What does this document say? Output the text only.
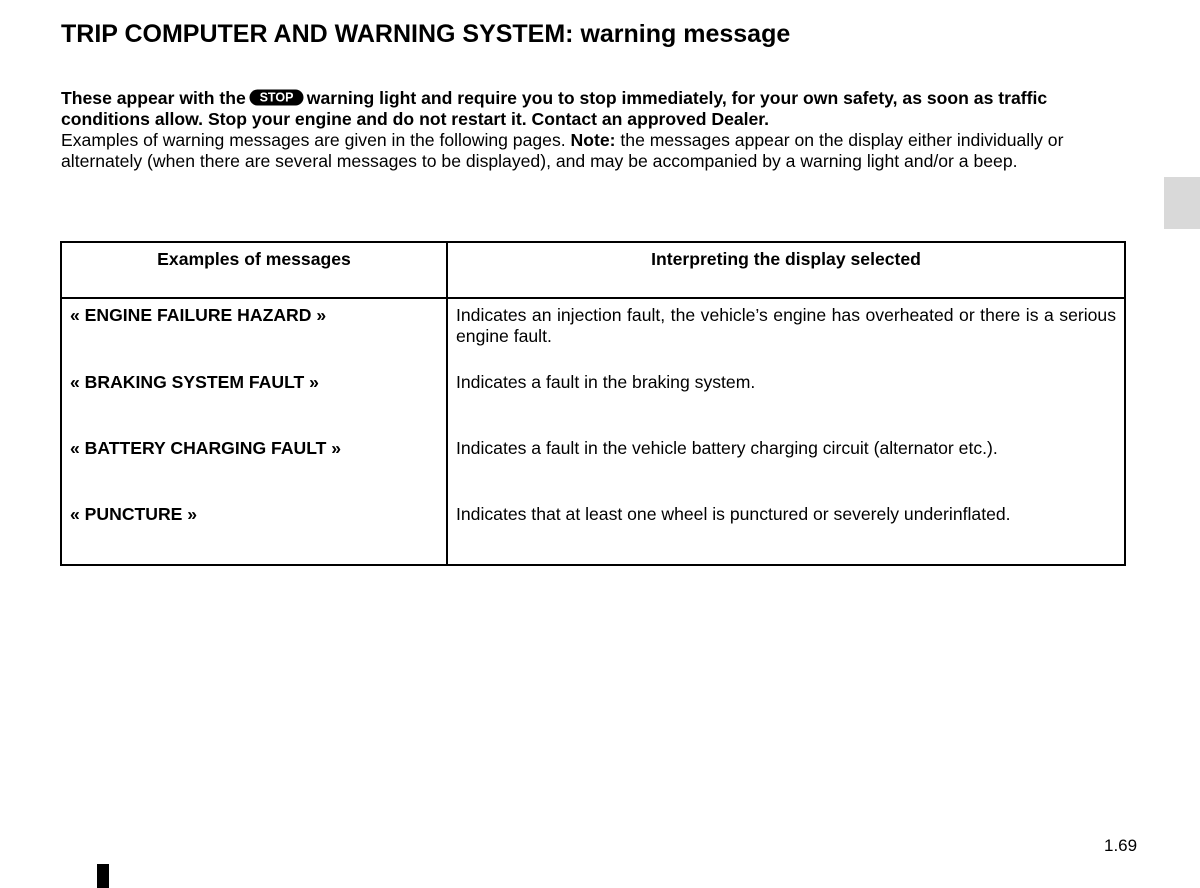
TRIP COMPUTER AND WARNING SYSTEM: warning message
These appear with the STOP warning light and require you to stop immediately, for your own safety, as soon as traffic conditions allow. Stop your engine and do not restart it. Contact an approved Dealer.
Examples of warning messages are given in the following pages. Note: the messages appear on the display either individually or alternately (when there are several messages to be displayed), and may be accompanied by a warning light and/or a beep.
Examples of messages	Interpreting the display selected
« ENGINE FAILURE HAZARD »	Indicates an injection fault, the vehicle’s engine has overheated or there is a serious engine fault.
« BRAKING SYSTEM FAULT »	Indicates a fault in the braking system.
« BATTERY CHARGING FAULT »	Indicates a fault in the vehicle battery charging circuit (alternator etc.).
« PUNCTURE »	Indicates that at least one wheel is punctured or severely underinflated.
1.69
